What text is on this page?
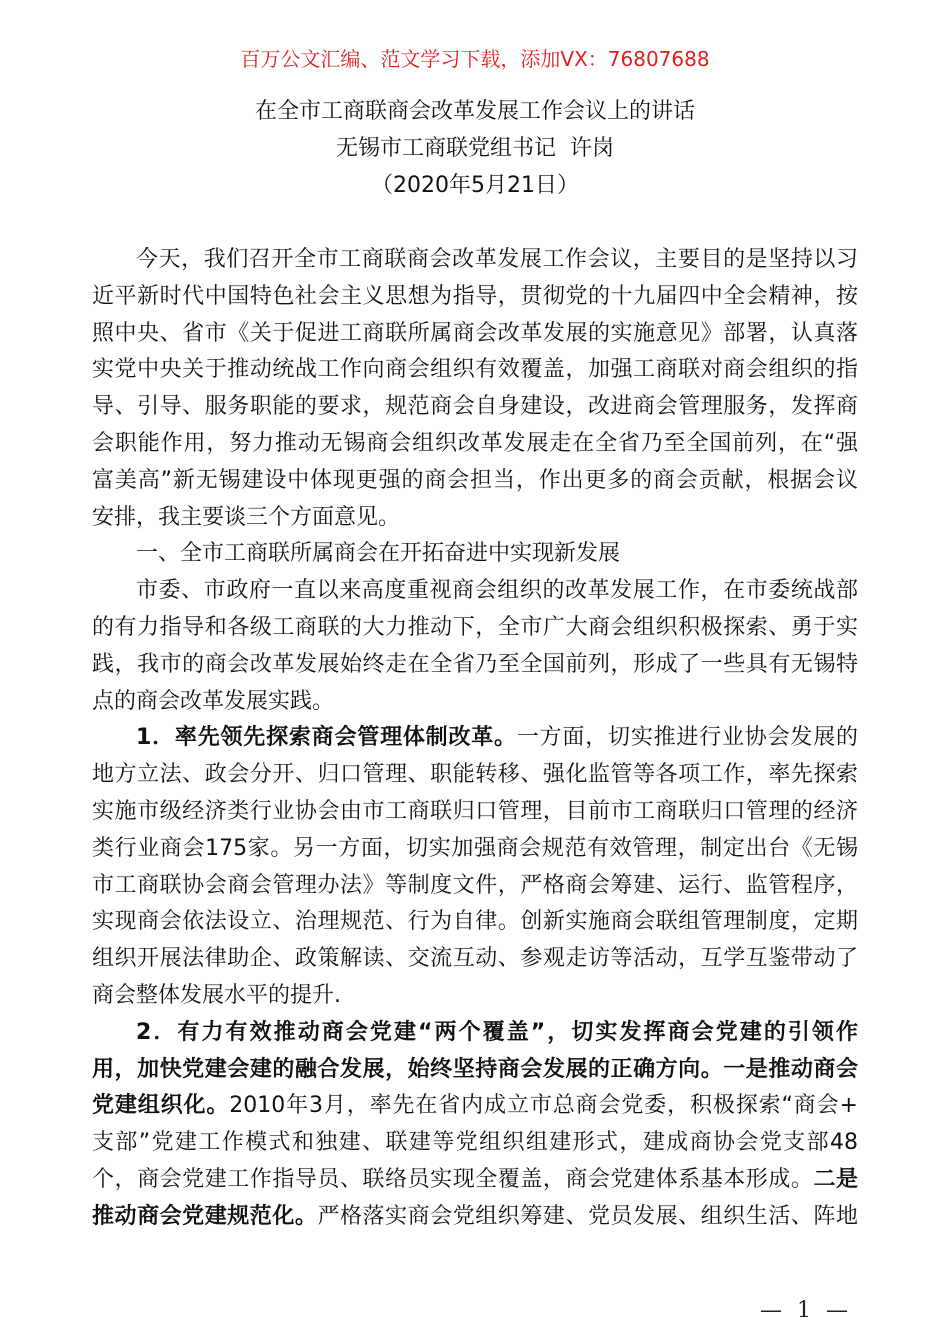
百万公文汇编、范文学习下载，添加VX：76807688
在全市工商联商会改革发展工作会议上的讲话
无锡市工商联党组书记  许岗
（2020年5月21日）
今天，我们召开全市工商联商会改革发展工作会议，主要目的是坚持以习
近平新时代中国特色社会主义思想为指导，贯彻党的十九届四中全会精神，按
照中央、省市《关于促进工商联所属商会改革发展的实施意见》部署，认真落
实党中央关于推动统战工作向商会组织有效覆盖，加强工商联对商会组织的指
导、引导、服务职能的要求，规范商会自身建设，改进商会管理服务，发挥商
会职能作用，努力推动无锡商会组织改革发展走在全省乃至全国前列，在“强
富美高”新无锡建设中体现更强的商会担当，作出更多的商会贡献，根据会议
安排，我主要谈三个方面意见。
一、全市工商联所属商会在开拓奋进中实现新发展
市委、市政府一直以来高度重视商会组织的改革发展工作，在市委统战部
的有力指导和各级工商联的大力推动下，全市广大商会组织积极探索、勇于实
践，我市的商会改革发展始终走在全省乃至全国前列，形成了一些具有无锡特
点的商会改革发展实践。
1．率先领先探索商会管理体制改革。一方面，切实推进行业协会发展的
地方立法、政会分开、归口管理、职能转移、强化监管等各项工作，率先探索
实施市级经济类行业协会由市工商联归口管理，目前市工商联归口管理的经济
类行业商会175家。另一方面，切实加强商会规范有效管理，制定出台《无锡
市工商联协会商会管理办法》等制度文件，严格商会筹建、运行、监管程序，
实现商会依法设立、治理规范、行为自律。创新实施商会联组管理制度，定期
组织开展法律助企、政策解读、交流互动、参观走访等活动，互学互鉴带动了
商会整体发展水平的提升.
2．有力有效推动商会党建“两个覆盖”，切实发挥商会党建的引领作
用，加快党建会建的融合发展，始终坚持商会发展的正确方向。一是推动商会
党建组织化。2010年3月，率先在省内成立市总商会党委，积极探索“商会+
支部”党建工作模式和独建、联建等党组织组建形式，建成商协会党支部48
个，商会党建工作指导员、联络员实现全覆盖，商会党建体系基本形成。二是
推动商会党建规范化。严格落实商会党组织筹建、党员发展、组织生活、阵地
— 1 —
